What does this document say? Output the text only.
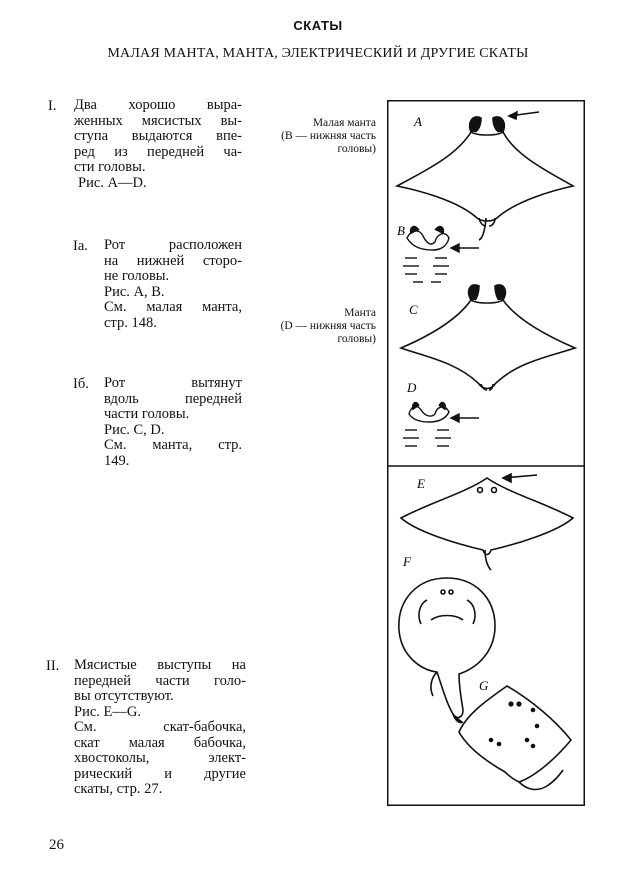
СКАТЫ
МАЛАЯ МАНТА, МАНТА, ЭЛЕКТРИЧЕСКИЙ И ДРУГИЕ СКАТЫ
I. Два хорошо выра-
женных мясистых вы-
ступа выдаются впе-
ред из передней ча-
сти головы.
Рис. A—D.
Iа. Рот расположен
на нижней сторо-
не головы.
Рис. A, B.
См. малая манта,
стр. 148.
Iб. Рот вытянут
вдоль передней
части головы.
Рис. C, D.
См. манта, стр.
149.
II. Мясистые выступы на
передней части голо-
вы отсутствуют.
Рис. E—G.
См. скат-бабочка,
скат малая бабочка,
хвостоколы, элект-
рический и другие
скаты, стр. 27.
Малая манта
(B — нижняя часть
головы)
Манта
(D — нижняя часть
головы)
A
B
C
D
E
F
G
26
